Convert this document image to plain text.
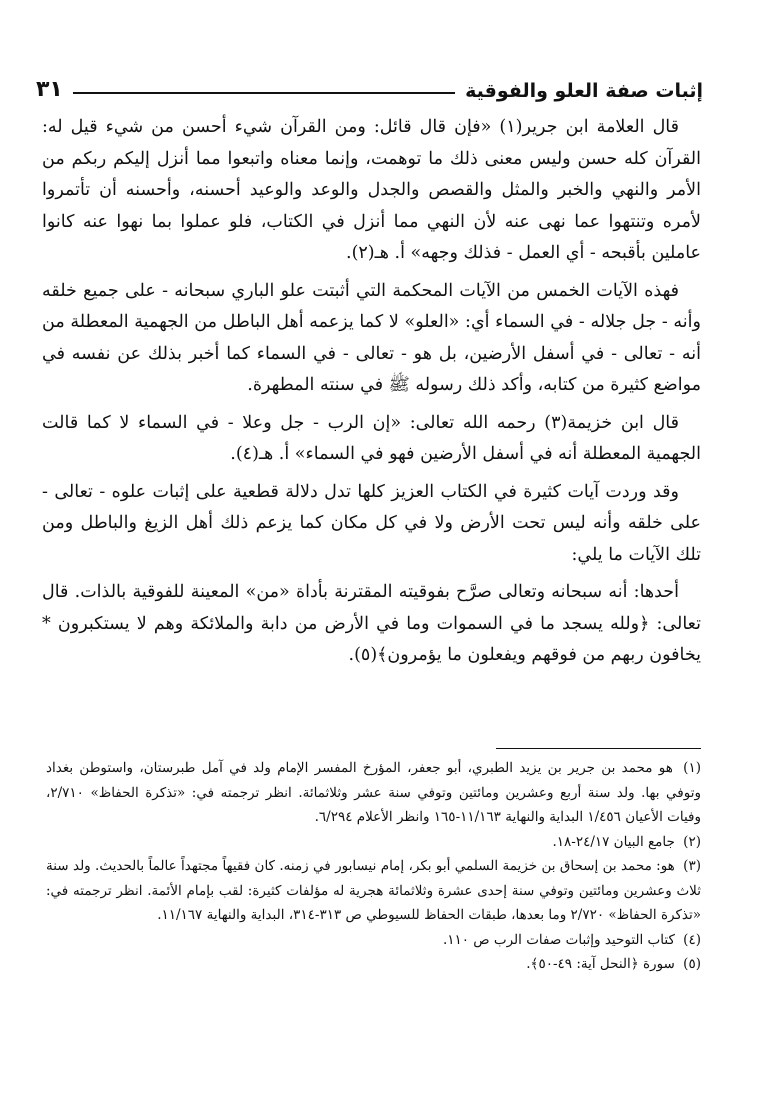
إثبات صفة العلو والفوقية
٣١

قال العلامة ابن جرير(١) «فإن قال قائل: ومن القرآن شيء أحسن من شيء قيل له: القرآن كله حسن وليس معنى ذلك ما توهمت، وإنما معناه واتبعوا مما أنزل إليكم ربكم من الأمر والنهي والخبر والمثل والقصص والجدل والوعد والوعيد أحسنه، وأحسنه أن تأتمروا لأمره وتنتهوا عما نهى عنه لأن النهي مما أنزل في الكتاب، فلو عملوا بما نهوا عنه كانوا عاملين بأقبحه - أي العمل - فذلك وجهه» أ. هـ(٢).

فهذه الآيات الخمس من الآيات المحكمة التي أثبتت علو الباري سبحانه - على جميع خلقه وأنه - جل جلاله - في السماء أي: «العلو» لا كما يزعمه أهل الباطل من الجهمية المعطلة من أنه - تعالى - في أسفل الأرضين، بل هو - تعالى - في السماء كما أخبر بذلك عن نفسه في مواضع كثيرة من كتابه، وأكد ذلك رسوله ﷺ في سنته المطهرة.

قال ابن خزيمة(٣) رحمه الله تعالى: «إن الرب - جل وعلا - في السماء لا كما قالت الجهمية المعطلة أنه في أسفل الأرضين فهو في السماء» أ. هـ(٤).

وقد وردت آيات كثيرة في الكتاب العزيز كلها تدل دلالة قطعية على إثبات علوه - تعالى - على خلقه وأنه ليس تحت الأرض ولا في كل مكان كما يزعم ذلك أهل الزيغ والباطل ومن تلك الآيات ما يلي:

أحدها: أنه سبحانه وتعالى صرَّح بفوقيته المقترنة بأداة «من» المعينة للفوقية بالذات. قال تعالى: ﴿ولله يسجد ما في السموات وما في الأرض من دابة والملائكة وهم لا يستكبرون * يخافون ربهم من فوقهم ويفعلون ما يؤمرون﴾(٥).

(١) هو محمد بن جرير بن يزيد الطبري، أبو جعفر، المؤرخ المفسر الإمام ولد في آمل طبرستان، واستوطن بغداد وتوفي بها. ولد سنة أربع وعشرين ومائتين وتوفي سنة عشر وثلاثمائة. انظر ترجمته في: «تذكرة الحفاظ» ٢/٧١٠، وفيات الأعيان ١/٤٥٦ البداية والنهاية ١١/١٦٣-١٦٥ وانظر الأعلام ٦/٢٩٤.

(٢) جامع البيان ٢٤/١٧-١٨.

(٣) هو: محمد بن إسحاق بن خزيمة السلمي أبو بكر، إمام نيسابور في زمنه. كان فقيهاً مجتهداً عالماً بالحديث. ولد سنة ثلاث وعشرين ومائتين وتوفي سنة إحدى عشرة وثلاثمائة هجرية له مؤلفات كثيرة: لقب بإمام الأئمة. انظر ترجمته في: «تذكرة الحفاظ» ٢/٧٢٠ وما بعدها، طبقات الحفاظ للسيوطي ص ٣١٣-٣١٤، البداية والنهاية ١١/١٦٧.

(٤) كتاب التوحيد وإثبات صفات الرب ص ١١٠.

(٥) سورة ﴿النحل آية: ٤٩-٥٠﴾.
